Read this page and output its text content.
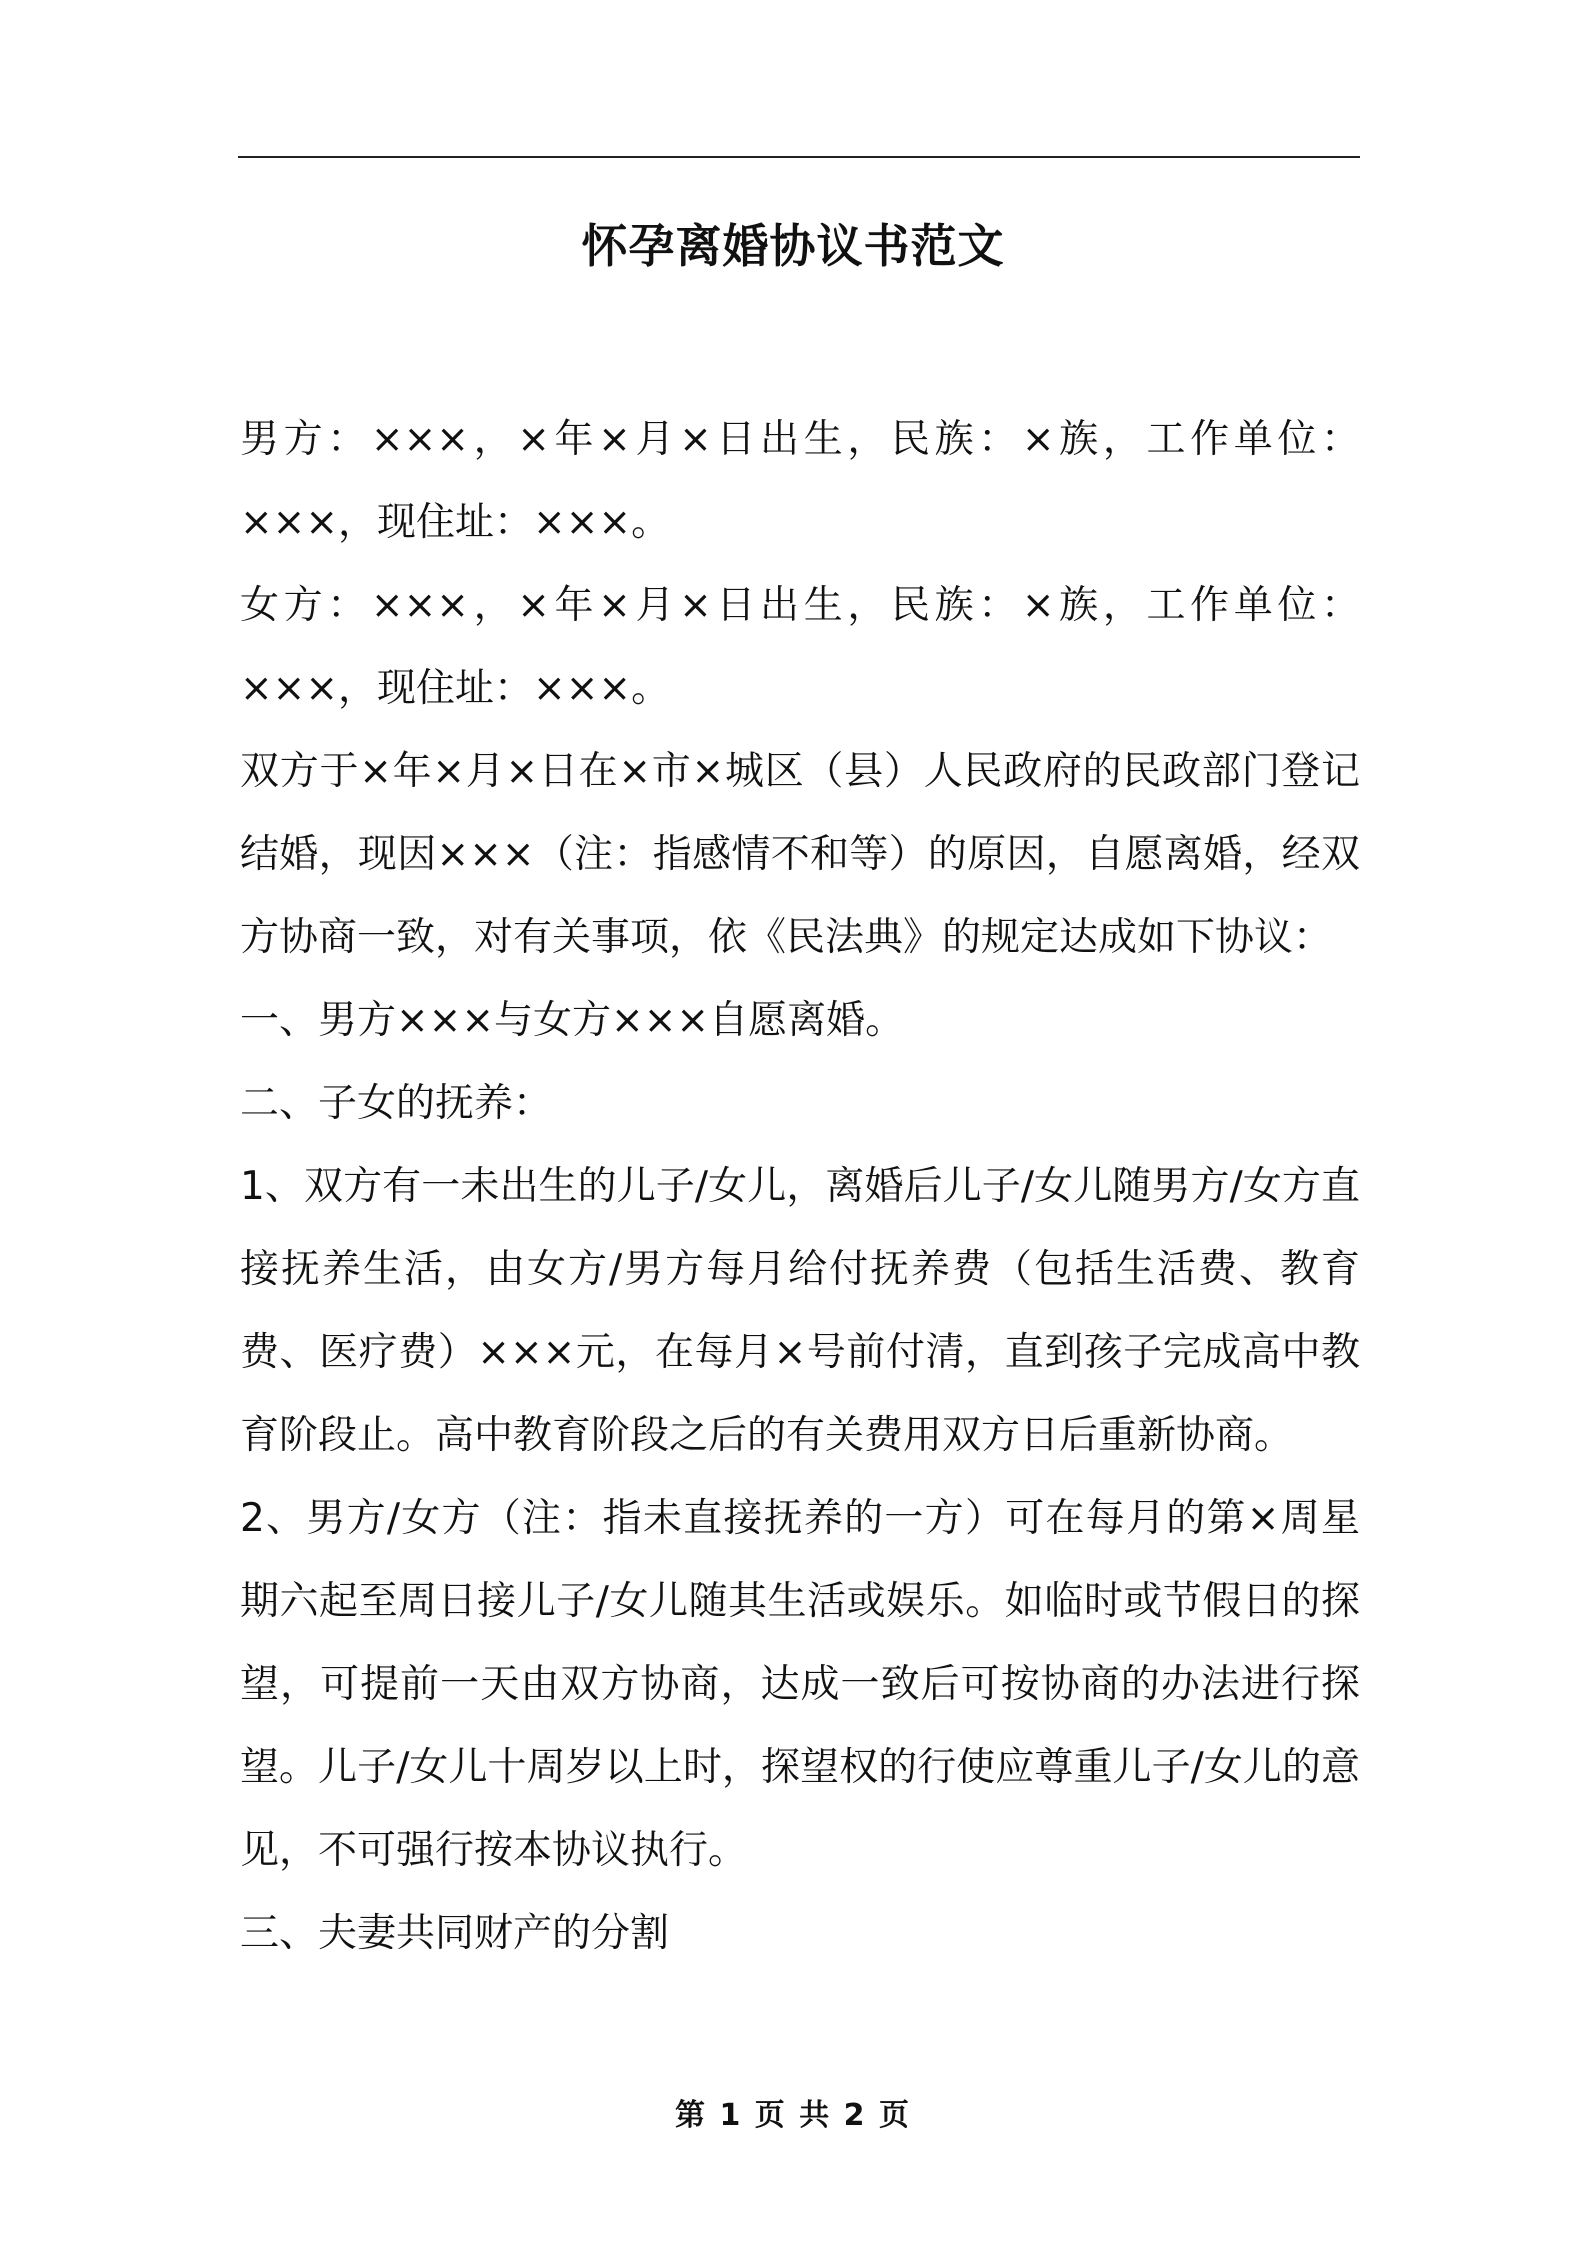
怀孕离婚协议书范文

男方：×××，×年×月×日出生，民族：×族，工作单位：×××，现住址：×××。

女方：×××，×年×月×日出生，民族：×族，工作单位：×××，现住址：×××。

双方于×年×月×日在×市×城区（县）人民政府的民政部门登记结婚，现因×××（注：指感情不和等）的原因，自愿离婚，经双方协商一致，对有关事项，依《民法典》的规定达成如下协议：

一、男方×××与女方×××自愿离婚。

二、子女的抚养：

1、双方有一未出生的儿子/女儿，离婚后儿子/女儿随男方/女方直接抚养生活，由女方/男方每月给付抚养费（包括生活费、教育费、医疗费）×××元，在每月×号前付清，直到孩子完成高中教育阶段止。高中教育阶段之后的有关费用双方日后重新协商。

2、男方/女方（注：指未直接抚养的一方）可在每月的第×周星期六起至周日接儿子/女儿随其生活或娱乐。如临时或节假日的探望，可提前一天由双方协商，达成一致后可按协商的办法进行探望。儿子/女儿十周岁以上时，探望权的行使应尊重儿子/女儿的意见，不可强行按本协议执行。

三、夫妻共同财产的分割

第 1 页 共 2 页
